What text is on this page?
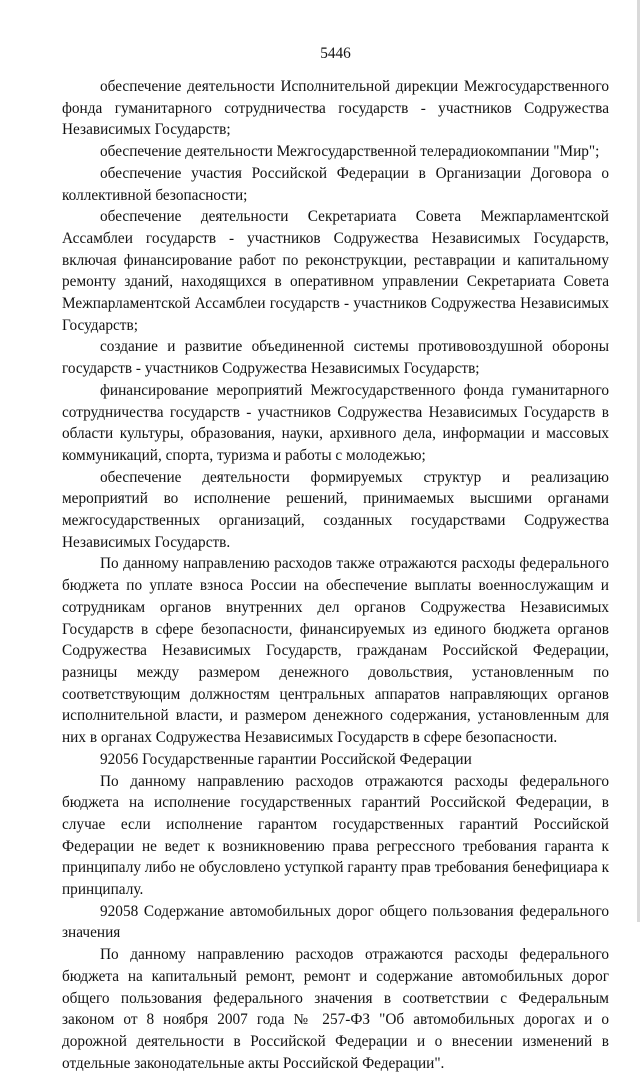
5446

обеспечение деятельности Исполнительной дирекции Межгосударственного фонда гуманитарного сотрудничества государств - участников Содружества Независимых Государств;

обеспечение деятельности Межгосударственной телерадиокомпании "Мир";

обеспечение участия Российской Федерации в Организации Договора о коллективной безопасности;

обеспечение деятельности Секретариата Совета Межпарламентской Ассамблеи государств - участников Содружества Независимых Государств, включая финансирование работ по реконструкции, реставрации и капитальному ремонту зданий, находящихся в оперативном управлении Секретариата Совета Межпарламентской Ассамблеи государств - участников Содружества Независимых Государств;

создание и развитие объединенной системы противовоздушной обороны государств - участников Содружества Независимых Государств;

финансирование мероприятий Межгосударственного фонда гуманитарного сотрудничества государств - участников Содружества Независимых Государств в области культуры, образования, науки, архивного дела, информации и массовых коммуникаций, спорта, туризма и работы с молодежью;

обеспечение деятельности формируемых структур и реализацию мероприятий во исполнение решений, принимаемых высшими органами межгосударственных организаций, созданных государствами Содружества Независимых Государств.

По данному направлению расходов также отражаются расходы федерального бюджета по уплате взноса России на обеспечение выплаты военнослужащим и сотрудникам органов внутренних дел органов Содружества Независимых Государств в сфере безопасности, финансируемых из единого бюджета органов Содружества Независимых Государств, гражданам Российской Федерации, разницы между размером денежного довольствия, установленным по соответствующим должностям центральных аппаратов направляющих органов исполнительной власти, и размером денежного содержания, установленным для них в органах Содружества Независимых Государств в сфере безопасности.

92056 Государственные гарантии Российской Федерации

По данному направлению расходов отражаются расходы федерального бюджета на исполнение государственных гарантий Российской Федерации, в случае если исполнение гарантом государственных гарантий Российской Федерации не ведет к возникновению права регрессного требования гаранта к принципалу либо не обусловлено уступкой гаранту прав требования бенефициара к принципалу.

92058 Содержание автомобильных дорог общего пользования федерального значения

По данному направлению расходов отражаются расходы федерального бюджета на капитальный ремонт, ремонт и содержание автомобильных дорог общего пользования федерального значения в соответствии с Федеральным законом от 8 ноября 2007 года № 257-ФЗ "Об автомобильных дорогах и о дорожной деятельности в Российской Федерации и о внесении изменений в отдельные законодательные акты Российской Федерации".
